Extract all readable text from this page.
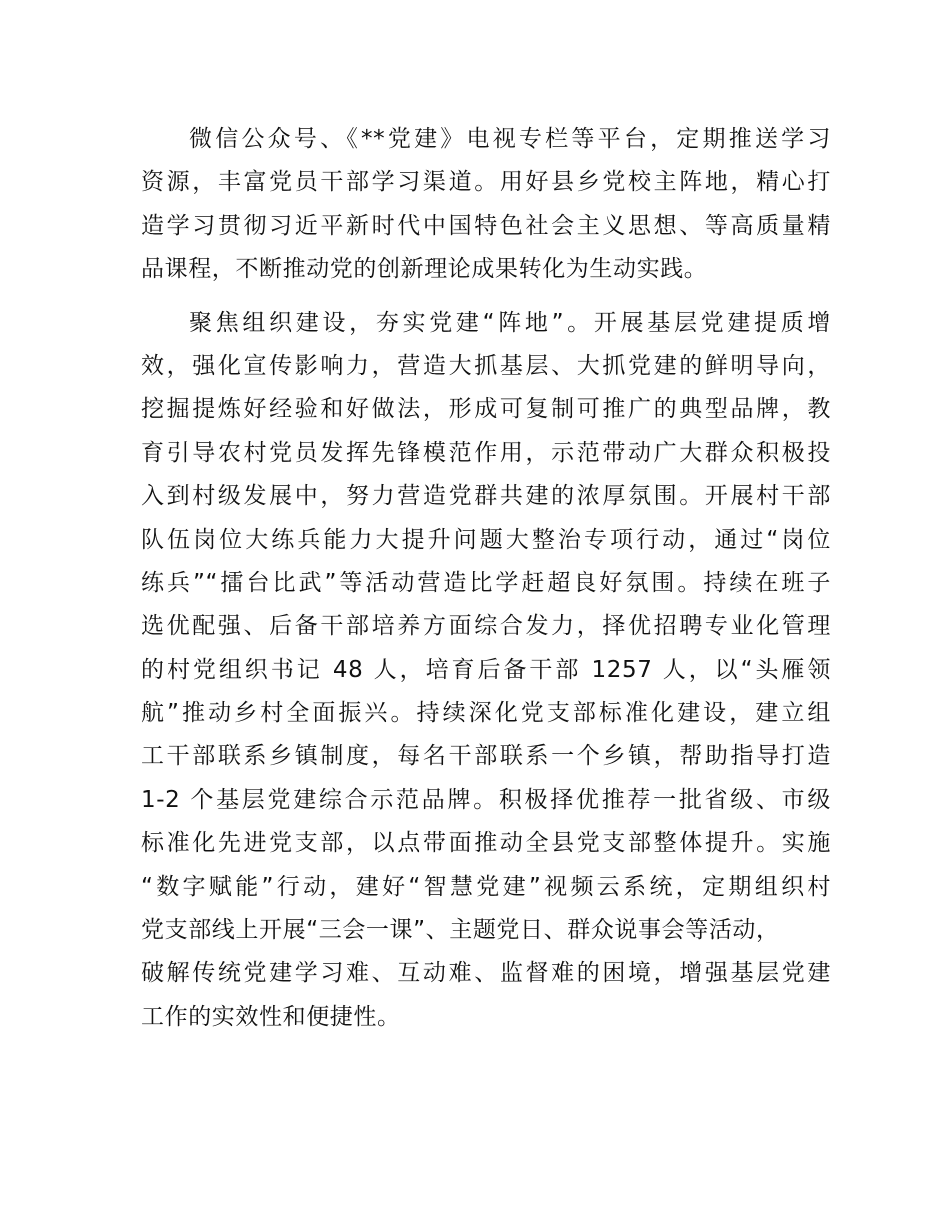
微信公众号、《**党建》电视专栏等平台，定期推送学习
资源，丰富党员干部学习渠道。用好县乡党校主阵地，精心打
造学习贯彻习近平新时代中国特色社会主义思想、等高质量精
品课程，不断推动党的创新理论成果转化为生动实践。

聚焦组织建设，夯实党建“阵地”。开展基层党建提质增
效，强化宣传影响力，营造大抓基层、大抓党建的鲜明导向，
挖掘提炼好经验和好做法，形成可复制可推广的典型品牌，教
育引导农村党员发挥先锋模范作用，示范带动广大群众积极投
入到村级发展中，努力营造党群共建的浓厚氛围。开展村干部
队伍岗位大练兵能力大提升问题大整治专项行动，通过“岗位
练兵”“擂台比武”等活动营造比学赶超良好氛围。持续在班子
选优配强、后备干部培养方面综合发力，择优招聘专业化管理
的村党组织书记 48 人，培育后备干部 1257 人，以“头雁领
航”推动乡村全面振兴。持续深化党支部标准化建设，建立组
工干部联系乡镇制度，每名干部联系一个乡镇，帮助指导打造
1-2 个基层党建综合示范品牌。积极择优推荐一批省级、市级
标准化先进党支部，以点带面推动全县党支部整体提升。实施
“数字赋能”行动，建好“智慧党建”视频云系统，定期组织村
党支部线上开展“三会一课”、主题党日、群众说事会等活动，
破解传统党建学习难、互动难、监督难的困境，增强基层党建
工作的实效性和便捷性。
